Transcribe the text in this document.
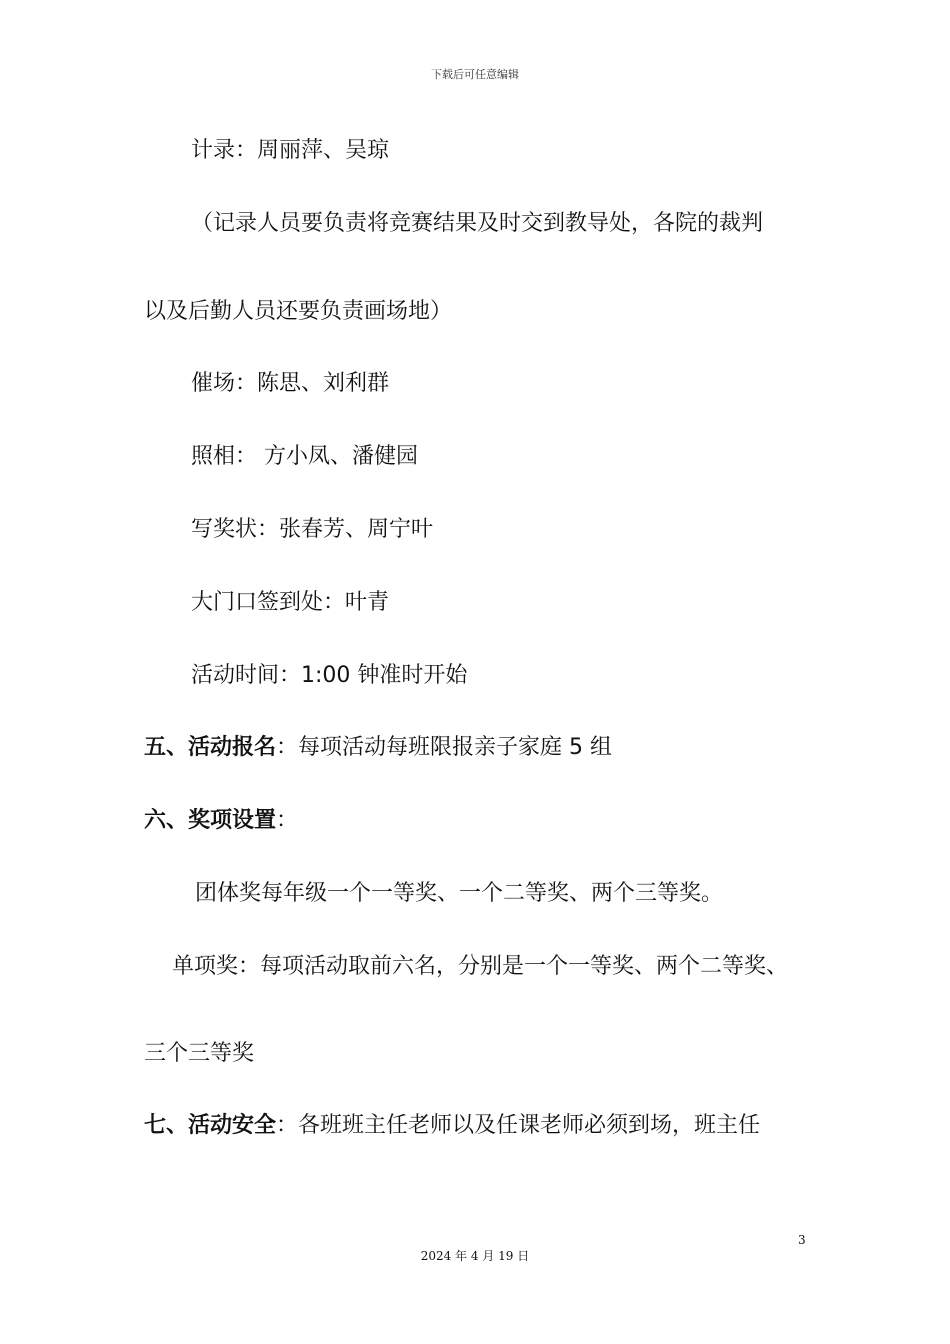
下载后可任意编辑
计录：周丽萍、吴琼
（记录人员要负责将竞赛结果及时交到教导处，各院的裁判
以及后勤人员还要负责画场地）
催场：陈思、刘利群
照相： 方小凤、潘健园
写奖状：张春芳、周宁叶
大门口签到处：叶青
活动时间：1:00 钟准时开始
五、活动报名：每项活动每班限报亲子家庭 5 组
六、奖项设置：
团体奖每年级一个一等奖、一个二等奖、两个三等奖。
单项奖：每项活动取前六名，分别是一个一等奖、两个二等奖、
三个三等奖
七、活动安全：各班班主任老师以及任课老师必须到场，班主任
3
2024 年 4 月 19 日
